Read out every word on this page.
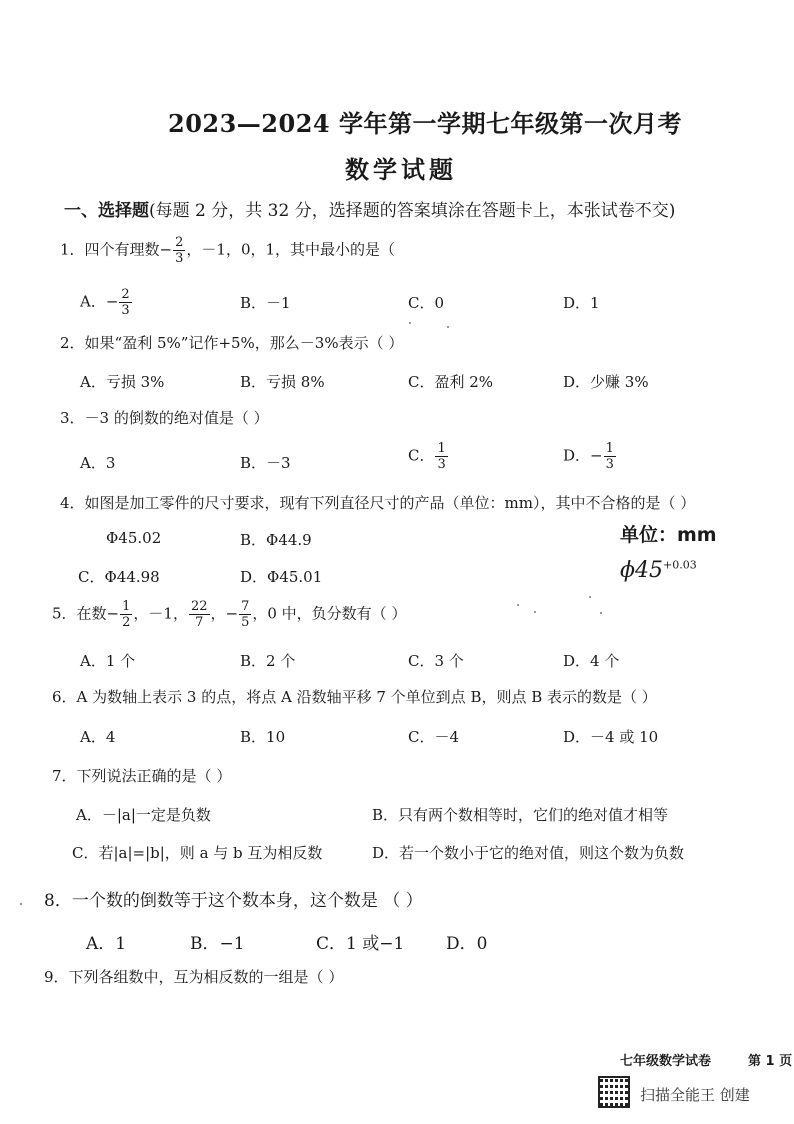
2023—2024 学年第一学期七年级第一次月考
数学试题
一、选择题(每题 2 分，共 32 分，选择题的答案填涂在答题卡上，本张试卷不交)
1．四个有理数− $\frac{2}{3}$ ，－1，0，1，其中最小的是（
A．− $\frac{2}{3}$	B．－1	C．0	D．1
2．如果“盈利 5%”记作+5%，那么－3%表示（ ）
A．亏损 3%	B．亏损 8%	C．盈利 2%	D．少赚 3%
3．－3 的倒数的绝对值是（ ）
A．3	B．－3	C． $\frac{1}{3}$	D．− $\frac{1}{3}$
4．如图是加工零件的尺寸要求，现有下列直径尺寸的产品（单位：mm），其中不合格的是（ ）
Φ45.02	B．Φ44.9
C．Φ44.98	D．Φ45.01
单位：mm
$\phi 45^{+0.03}$
5．在数− $\frac{1}{2}$ ，－1， $\frac{22}{7}$ ，− $\frac{7}{5}$ ，0 中，负分数有（ ）
A．1 个	B．2 个	C．3 个	D．4 个
6．A 为数轴上表示 3 的点，将点 A 沿数轴平移 7 个单位到点 B，则点 B 表示的数是（ ）
A．4	B．10	C．－4	D．－4 或 10
7．下列说法正确的是（ ）
A．－|a|一定是负数	B．只有两个数相等时，它们的绝对值才相等
C．若|a|=|b|，则 a 与 b 互为相反数	D．若一个数小于它的绝对值，则这个数为负数
8．一个数的倒数等于这个数本身，这个数是 （ ）
A．1	B．−1	C．1 或−1 D．0
9．下列各组数中，互为相反数的一组是（ ）
七年级数学试卷	第 1 页
扫描全能王 创建
